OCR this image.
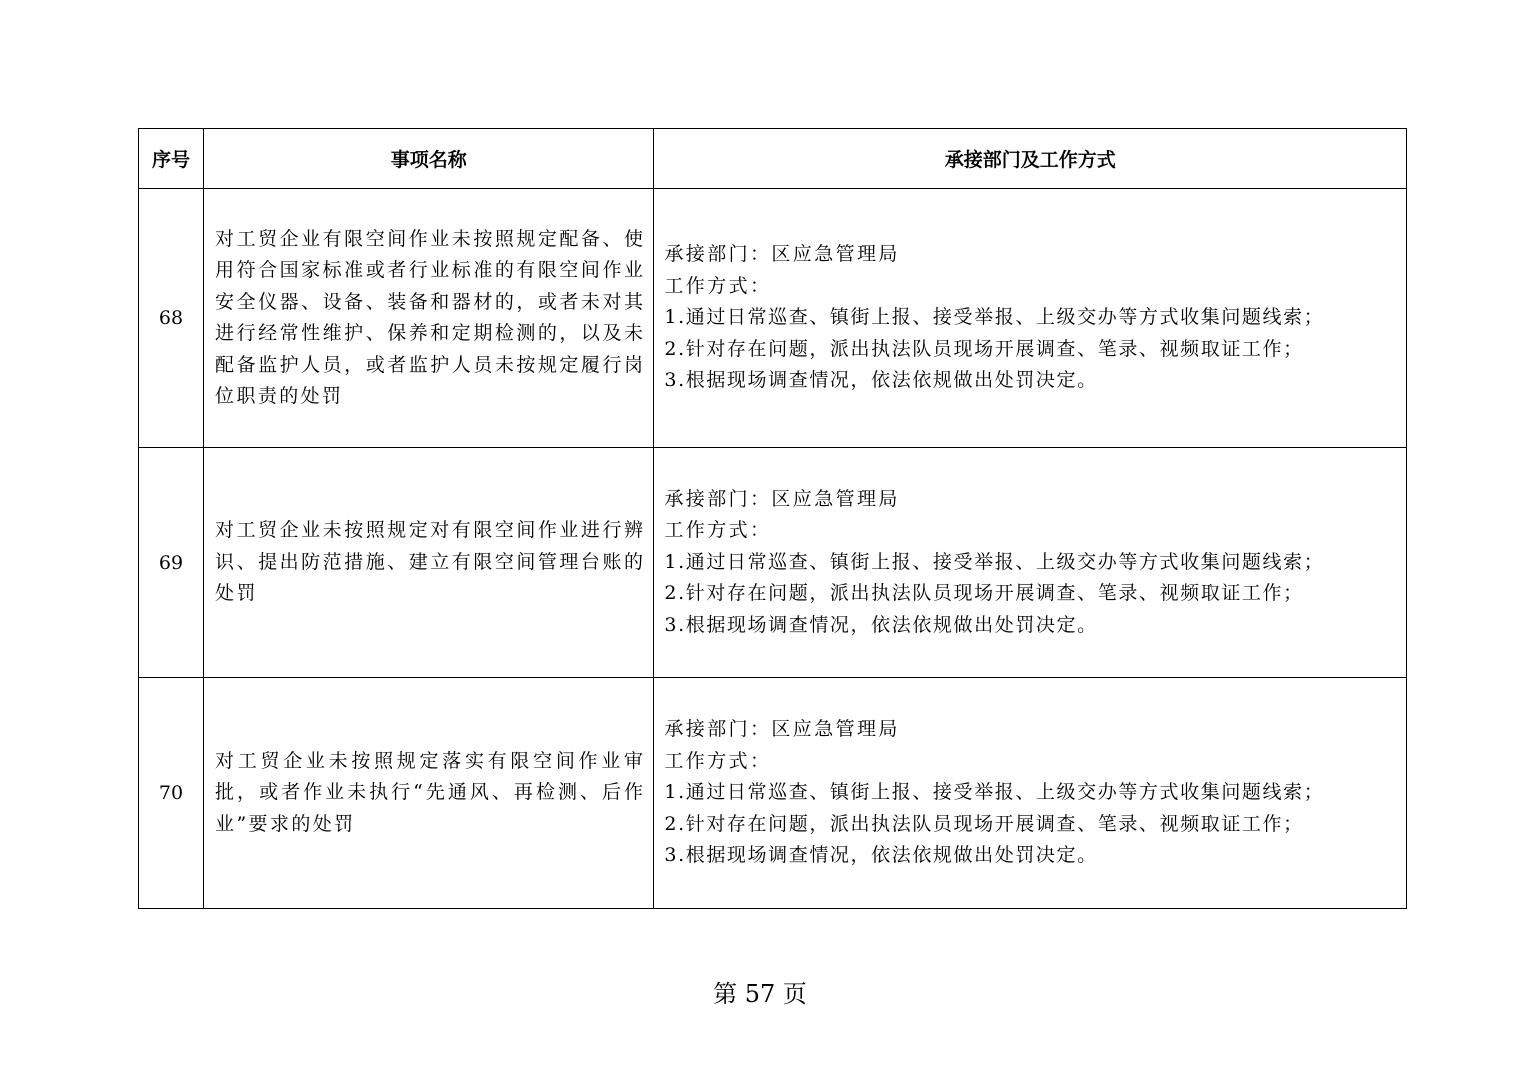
序号	事项名称	承接部门及工作方式
68	对工贸企业有限空间作业未按照规定配备、使用符合国家标准或者行业标准的有限空间作业安全仪器、设备、装备和器材的，或者未对其进行经常性维护、保养和定期检测的，以及未配备监护人员，或者监护人员未按规定履行岗位职责的处罚	承接部门：区应急管理局
工作方式：
1.通过日常巡查、镇街上报、接受举报、上级交办等方式收集问题线索；
2.针对存在问题，派出执法队员现场开展调查、笔录、视频取证工作；
3.根据现场调查情况，依法依规做出处罚决定。

69	对工贸企业未按照规定对有限空间作业进行辨识、提出防范措施、建立有限空间管理台账的处罚	承接部门：区应急管理局
工作方式：
1.通过日常巡查、镇街上报、接受举报、上级交办等方式收集问题线索；
2.针对存在问题，派出执法队员现场开展调查、笔录、视频取证工作；
3.根据现场调查情况，依法依规做出处罚决定。

70	对工贸企业未按照规定落实有限空间作业审批，或者作业未执行“先通风、再检测、后作业”要求的处罚	承接部门：区应急管理局
工作方式：
1.通过日常巡查、镇街上报、接受举报、上级交办等方式收集问题线索；
2.针对存在问题，派出执法队员现场开展调查、笔录、视频取证工作；
3.根据现场调查情况，依法依规做出处罚决定。
第 57 页
